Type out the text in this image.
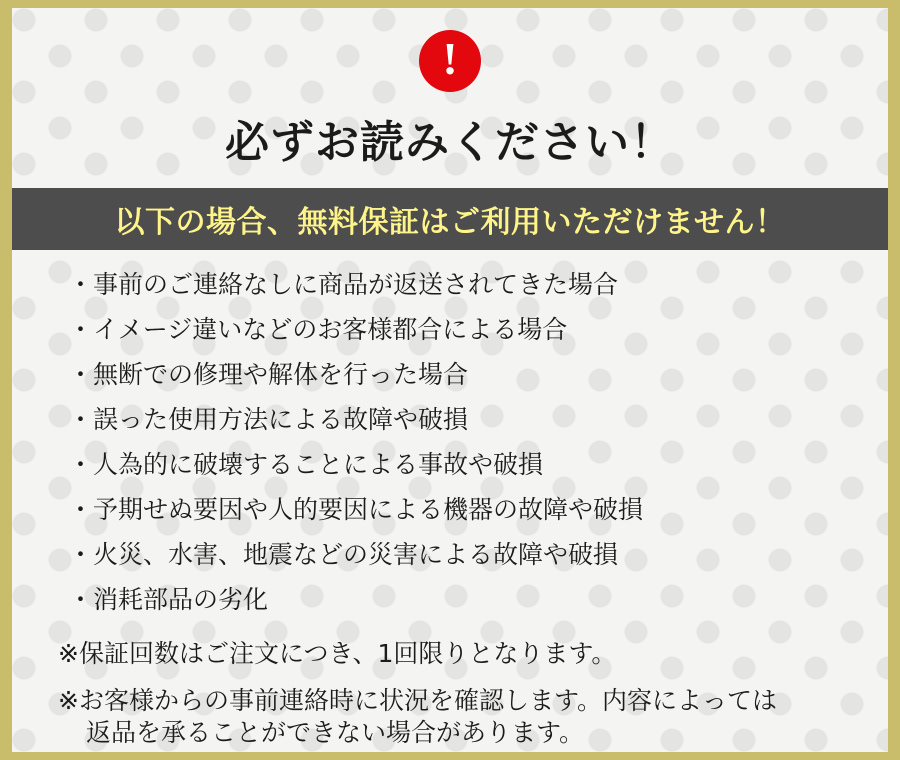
!
必ずお読みください！
以下の場合、無料保証はご利用いただけません！
・事前のご連絡なしに商品が返送されてきた場合
・イメージ違いなどのお客様都合による場合
・無断での修理や解体を行った場合
・誤った使用方法による故障や破損
・人為的に破壊することによる事故や破損
・予期せぬ要因や人的要因による機器の故障や破損
・火災、水害、地震などの災害による故障や破損
・消耗部品の劣化
※保証回数はご注文につき、1回限りとなります。
※お客様からの事前連絡時に状況を確認します。内容によっては
返品を承ることができない場合があります。
